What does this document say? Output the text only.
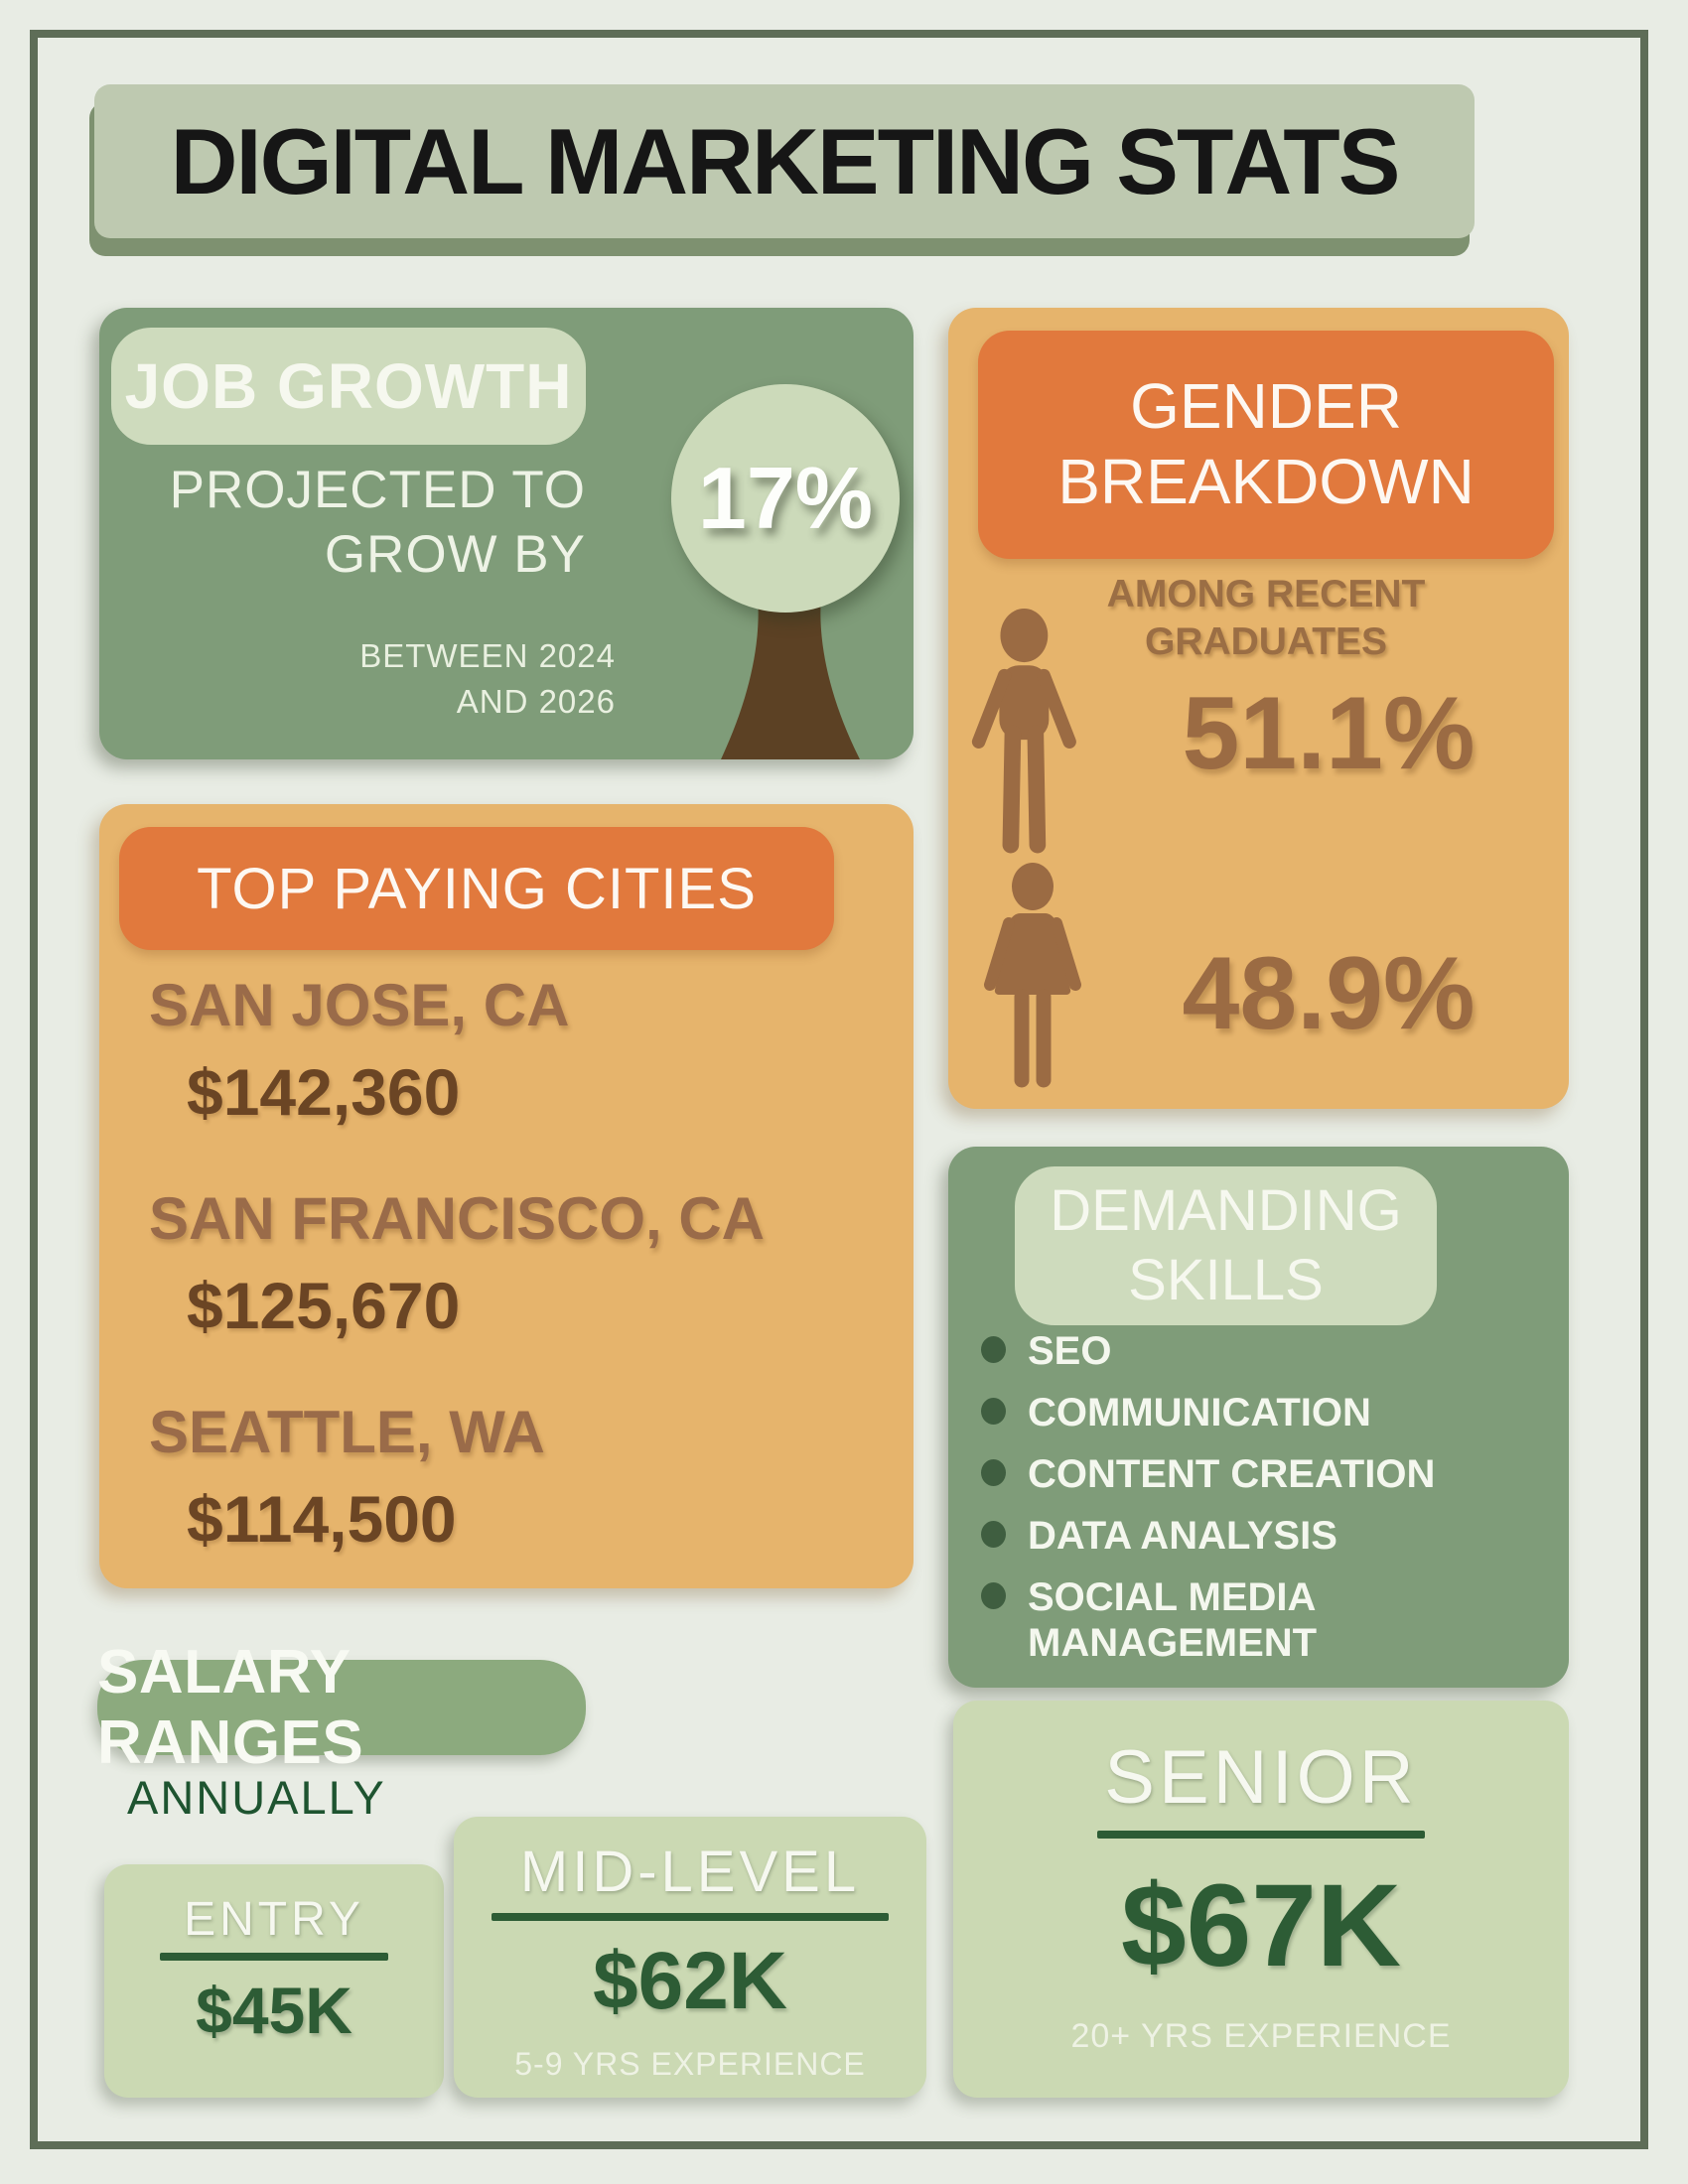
DIGITAL MARKETING STATS
17%
JOB GROWTH
PROJECTED TO
GROW BY
BETWEEN 2024
AND 2026
GENDER
BREAKDOWN
AMONG RECENT
GRADUATES
51.1%
48.9%
TOP PAYING CITIES
SAN JOSE, CA
$142,360
SAN FRANCISCO, CA
$125,670
SEATTLE, WA
$114,500
DEMANDING
SKILLS
SEO
COMMUNICATION
CONTENT CREATION
DATA ANALYSIS
SOCIAL MEDIA MANAGEMENT
SALARY RANGES
ANNUALLY
ENTRY
$45K
MID-LEVEL
$62K
5-9 YRS EXPERIENCE
SENIOR
$67K
20+ YRS EXPERIENCE
